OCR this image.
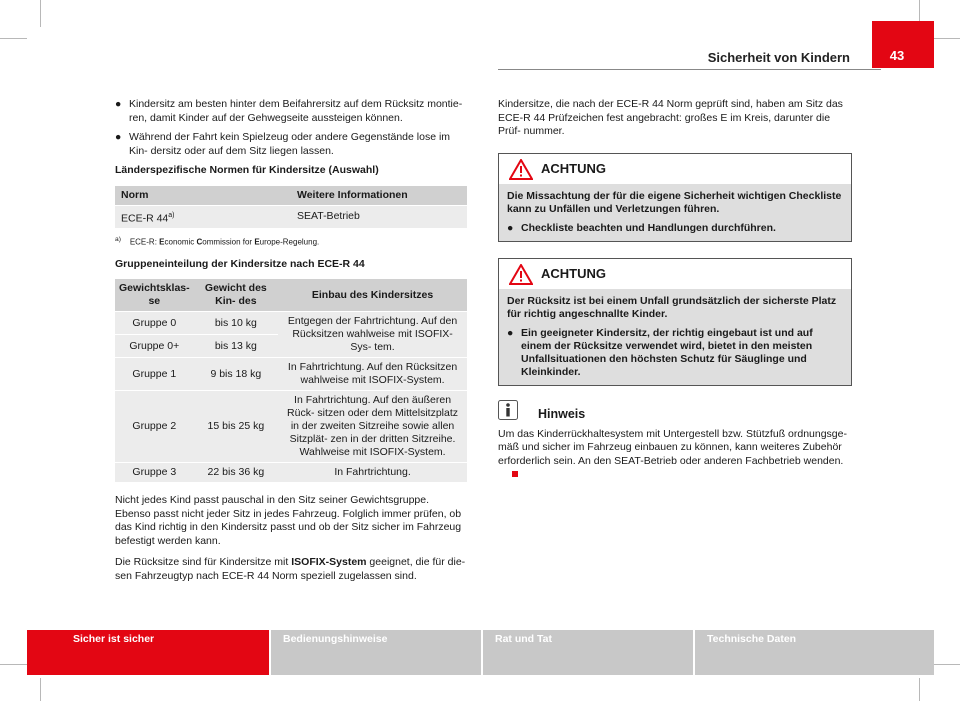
Sicherheit von Kindern	43

● Kindersitz am besten hinter dem Beifahrersitz auf dem Rücksitz montie- ren, damit Kinder auf der Gehwegseite aussteigen können.

● Während der Fahrt kein Spielzeug oder andere Gegenstände lose im Kin- dersitz oder auf dem Sitz liegen lassen.

Länderspezifische Normen für Kindersitze (Auswahl)
Norm	Weitere Informationen
ECE-R 44$^{a)}$	SEAT-Betrieb
$^{a)}$ ECE-R: Economic Commission for Europe-Regelung.
Gruppeneinteilung der Kindersitze nach ECE-R 44
Gewichtsklas- se	Gewicht des Kin- des	Einbau des Kindersitzes
Gruppe 0	bis 10 kg	Entgegen der Fahrtrichtung. Auf den Rücksitzen wahlweise mit ISOFIX-Sys- tem.
Gruppe 0+	bis 13 kg	
Gruppe 1	9 bis 18 kg	In Fahrtrichtung. Auf den Rücksitzen wahlweise mit ISOFIX-System.
Gruppe 2	15 bis 25 kg	In Fahrtrichtung. Auf den äußeren Rück- sitzen oder dem Mittelsitzplatz in der zweiten Sitzreihe sowie allen Sitzplät- zen in der dritten Sitzreihe. Wahlweise mit ISOFIX-System.
Gruppe 3	22 bis 36 kg	In Fahrtrichtung.

Nicht jedes Kind passt pauschal in den Sitz seiner Gewichtsgruppe. Ebenso passt nicht jeder Sitz in jedes Fahrzeug. Folglich immer prüfen, ob das Kind richtig in den Kindersitz passt und ob der Sitz sicher im Fahrzeug befestigt werden kann.

Die Rücksitze sind für Kindersitze mit ISOFIX-System geeignet, die für die- sen Fahrzeugtyp nach ECE-R 44 Norm speziell zugelassen sind.

Kindersitze, die nach der ECE-R 44 Norm geprüft sind, haben am Sitz das ECE-R 44 Prüfzeichen fest angebracht: großes E im Kreis, darunter die Prüf- nummer.

ACHTUNG

Die Missachtung der für die eigene Sicherheit wichtigen Checkliste kann zu Unfällen und Verletzungen führen.

● Checkliste beachten und Handlungen durchführen.

ACHTUNG

Der Rücksitz ist bei einem Unfall grundsätzlich der sicherste Platz für richtig angeschnallte Kinder.

● Ein geeigneter Kindersitz, der richtig eingebaut ist und auf einem der Rücksitze verwendet wird, bietet in den meisten Unfallsituationen den höchsten Schutz für Säuglinge und Kleinkinder.

Hinweis

Um das Kinderrückhaltesystem mit Untergestell bzw. Stützfuß ordnungsge- mäß und sicher im Fahrzeug einbauen zu können, kann weiteres Zubehör erforderlich sein. An den SEAT-Betrieb oder anderen Fachbetrieb wenden.

Sicher ist sicher	Bedienungshinweise	Rat und Tat	Technische Daten
